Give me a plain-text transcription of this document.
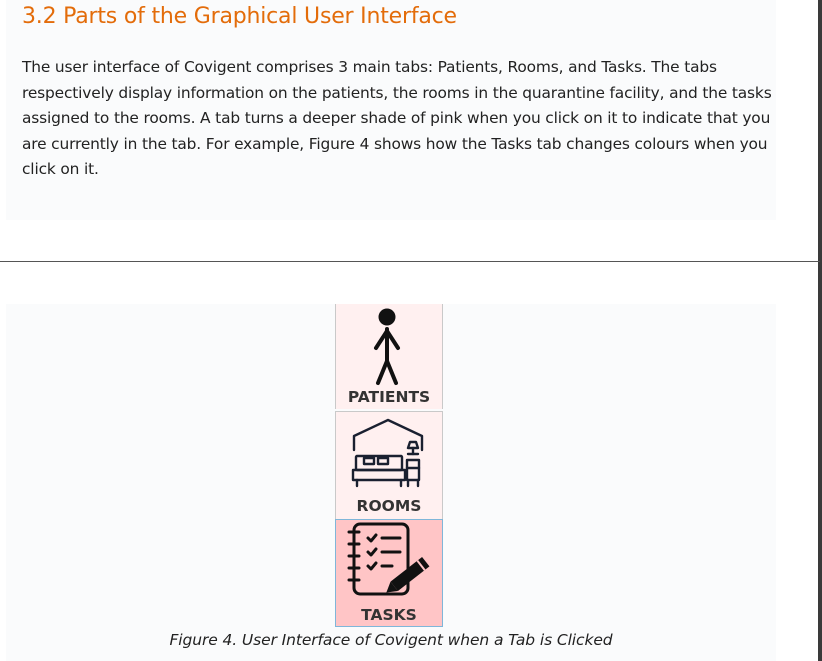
3.2 Parts of the Graphical User Interface

The user interface of Covigent comprises 3 main tabs: Patients, Rooms, and Tasks. The tabs respectively display information on the patients, the rooms in the quarantine facility, and the tasks assigned to the rooms. A tab turns a deeper shade of pink when you click on it to indicate that you are currently in the tab. For example, Figure 4 shows how the Tasks tab changes colours when you click on it.

PATIENTS
ROOMS
TASKS
Figure 4. User Interface of Covigent when a Tab is Clicked
